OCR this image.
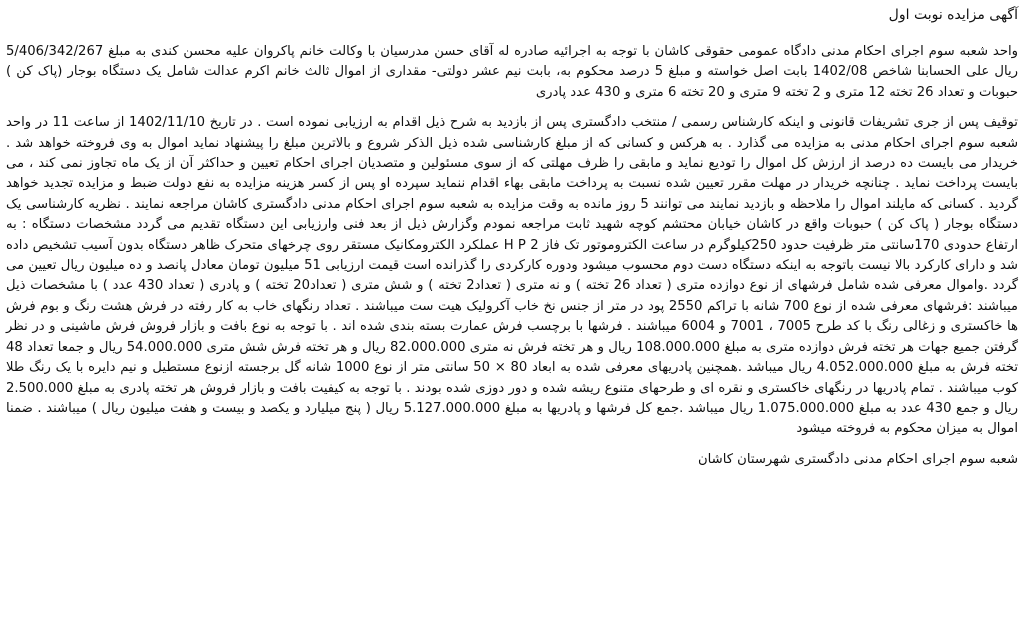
آگهی مزایده نوبت اول

واحد شعبه سوم اجرای احکام مدنی دادگاه عمومی حقوقی کاشان با توجه به اجرائیه صادره له آقای حسن مدرسیان با وکالت خانم پاکروان علیه محسن کندی به مبلغ 5/406/342/267 ریال علی الحسابنا شاخص 1402/08 بابت اصل خواسته و مبلغ 5 درصد محکوم به، بابت نیم عشر دولتی- مقداری از اموال ثالث خانم اکرم عدالت شامل یک دستگاه بوجار (پاک کن ) حبوبات و تعداد 26 تخته 12 متری و 2 تخته 9 متری و 20 تخته 6 متری و 430 عدد پادری

توقیف پس از جری تشریفات قانونی و اینکه کارشناس رسمی / منتخب دادگستری پس از بازدید به شرح ذیل اقدام به ارزیابی نموده است . در تاریخ 1402/11/10 از ساعت 11 در واحد شعبه سوم اجرای احکام مدنی به مزایده می گذارد . به هرکس و کسانی که از مبلغ کارشناسی شده ذیل الذکر شروع و بالاترین مبلغ را پیشنهاد نماید اموال به وی فروخته خواهد شد . خریدار می بایست ده درصد از ارزش کل اموال را تودیع نماید و مابقی را ظرف مهلتی که از سوی مسئولین و متصدیان اجرای احکام تعیین و حداکثر آن از یک ماه تجاوز نمی کند ، می بایست پرداخت نماید . چنانچه خریدار در مهلت مقرر تعیین شده نسبت به پرداخت مابقی بهاء اقدام ننماید سپرده او پس از کسر هزینه مزایده به نفع دولت ضبط و مزایده تجدید خواهد گردید . کسانی که مایلند اموال را ملاحظه و بازدید نمایند می توانند 5 روز مانده به وقت مزایده به شعبه سوم اجرای احکام مدنی دادگستری کاشان مراجعه نمایند . نظریه کارشناسی یک دستگاه بوجار ( پاک کن ) حبوبات واقع در کاشان خیابان محتشم کوچه شهید ثابت مراجعه نمودم وگزارش ذیل از بعد فنی وارزیابی این دستگاه تقدیم می گردد مشخصات دستگاه : به ارتفاع حدودی 170سانتی متر ظرفیت حدود 250کیلوگرم در ساعت الکتروموتور تک فاز 2 H P عملکرد الکترومکانیک مستقر روی چرخهای متحرک ظاهر دستگاه بدون آسیب تشخیص داده شد و دارای کارکرد بالا نیست باتوجه به اینکه دستگاه دست دوم محسوب میشود ودوره کارکردی را گذرانده است قیمت ارزیابی 51 میلیون تومان معادل پانصد و ده میلیون ریال تعیین می گردد .واموال معرفی شده شامل فرشهای از نوع دوازده متری ( تعداد 26 تخته ) و نه متری ( تعداد2 تخته ) و شش متری ( تعداد20 تخته ) و پادری ( تعداد 430 عدد ) با مشخصات ذیل میباشند :فرشهای معرفی شده از نوع 700 شانه با تراکم 2550 پود در متر از جنس نخ خاب آکرولیک هیت ست میباشند . تعداد رنگهای خاب به کار رفته در فرش هشت رنگ و بوم فرش ها خاکستری و زغالی رنگ با کد طرح 7005 ، 7001 و 6004 میباشند . فرشها با برچسب فرش عمارت بسته بندی شده اند . با توجه به نوع بافت و بازار فروش فرش ماشینی و در نظر گرفتن جمیع جهات هر تخته فرش دوازده متری به مبلغ 108.000.000 ریال و هر تخته فرش نه متری 82.000.000 ریال و هر تخته فرش شش متری 54.000.000 ریال و جمعا تعداد 48 تخته فرش به مبلغ 4.052.000.000 ریال میباشد .همچنین پادریهای معرفی شده به ابعاد 80 × 50 سانتی متر از نوع 1000 شانه گل برجسته ازنوع مستطیل و نیم دایره با یک رنگ طلا کوب میباشند . تمام پادریها در رنگهای خاکستری و نقره ای و طرحهای متنوع ریشه شده و دور دوزی شده بودند . با توجه به کیفیت بافت و بازار فروش هر تخته پادری به مبلغ 2.500.000 ریال و جمع 430 عدد به مبلغ 1.075.000.000 ریال میباشد .جمع کل فرشها و پادریها به مبلغ 5.127.000.000 ریال ( پنج میلیارد و یکصد و بیست و هفت میلیون ریال ) میباشند . ضمنا اموال به میزان محکوم به فروخته میشود

شعبه سوم اجرای احکام مدنی دادگستری شهرستان کاشان
